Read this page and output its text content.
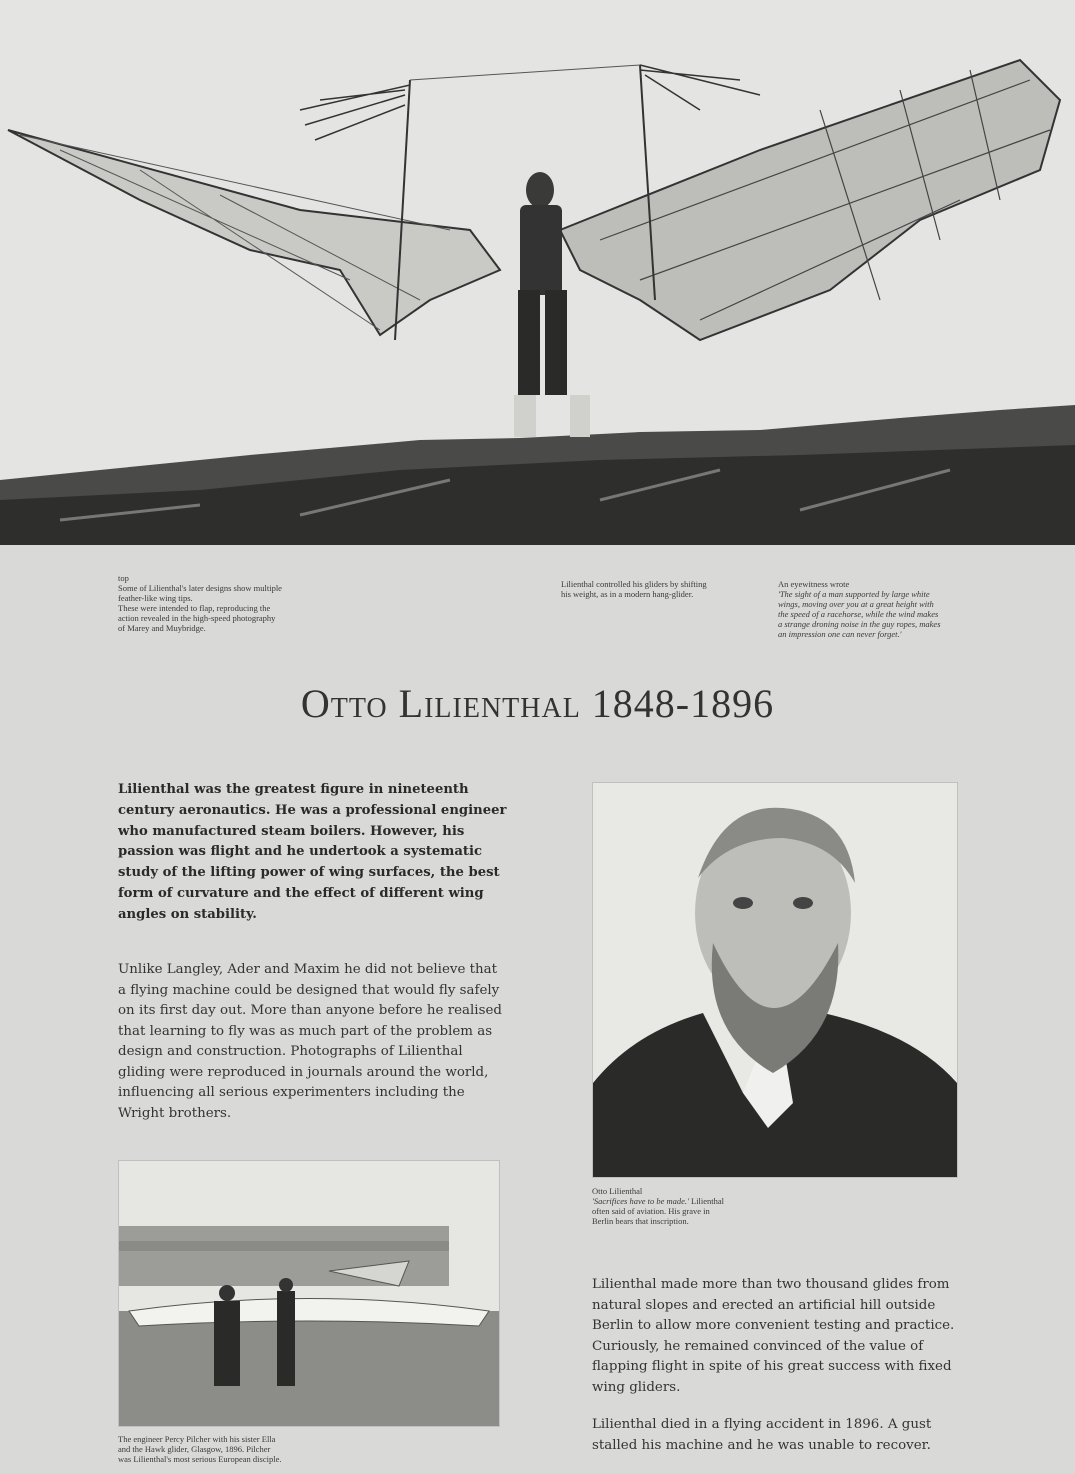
top
Some of Lilienthal's later designs show multiple
feather-like wing tips.
These were intended to flap, reproducing the
action revealed in the high-speed photography
of Marey and Muybridge.
Lilienthal controlled his gliders by shifting
his weight, as in a modern hang-glider.
An eyewitness wrote
'The sight of a man supported by large white
wings, moving over you at a great height with
the speed of a racehorse, while the wind makes
a strange droning noise in the guy ropes, makes
an impression one can never forget.'
Otto Lilienthal 1848-1896
Lilienthal was the greatest figure in nineteenth century aeronautics. He was a professional engineer who manufactured steam boilers. However, his passion was flight and he undertook a systematic study of the lifting power of wing surfaces, the best form of curvature and the effect of different wing angles on stability.
Unlike Langley, Ader and Maxim he did not believe that a flying machine could be designed that would fly safely on its first day out. More than anyone before he realised that learning to fly was as much part of the problem as design and construction. Photographs of Lilienthal gliding were reproduced in journals around the world, influencing all serious experimenters including the Wright brothers.
Otto Lilienthal
'Sacrifices have to be made.' Lilienthal
often said of aviation. His grave in
Berlin bears that inscription.
The engineer Percy Pilcher with his sister Ella
and the Hawk glider, Glasgow, 1896. Pilcher
was Lilienthal's most serious European disciple.
Lilienthal made more than two thousand glides from natural slopes and erected an artificial hill outside Berlin to allow more convenient testing and practice. Curiously, he remained convinced of the value of flapping flight in spite of his great success with fixed wing gliders.
Lilienthal died in a flying accident in 1896. A gust stalled his machine and he was unable to recover.
